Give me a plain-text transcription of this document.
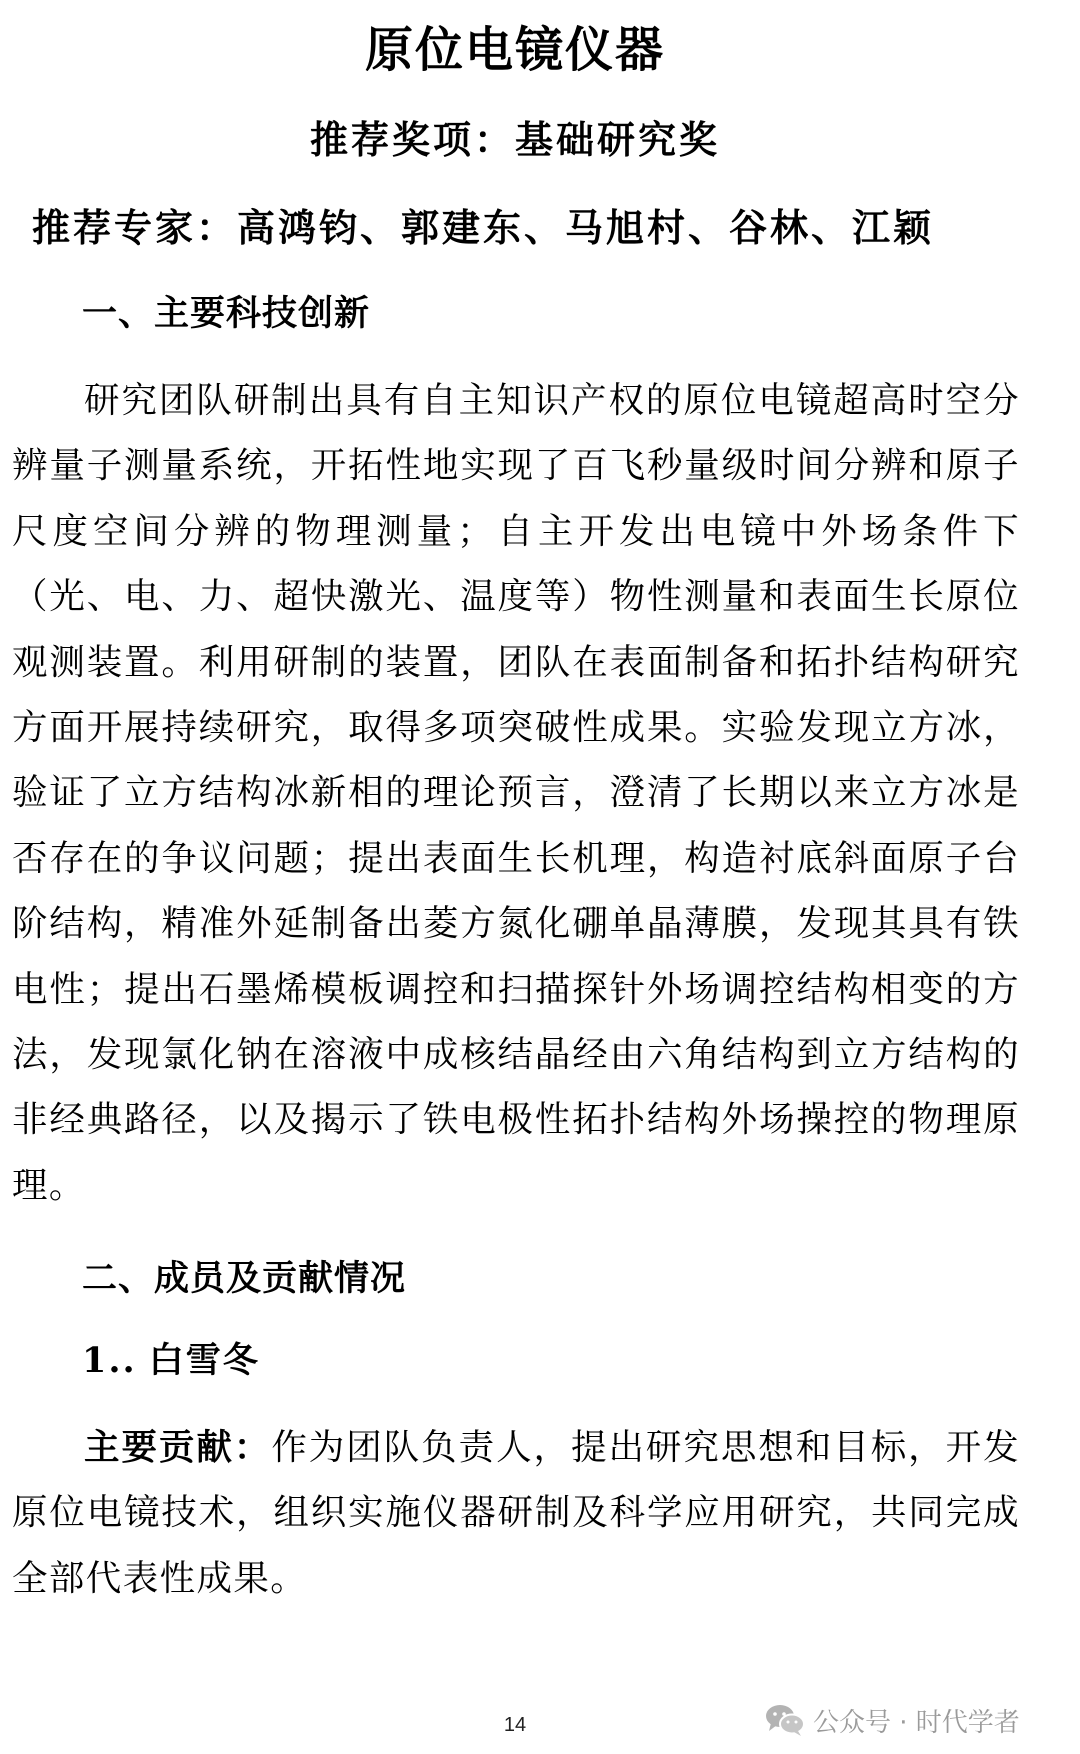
原位电镜仪器
推荐奖项：基础研究奖
推荐专家：高鸿钧、郭建东、马旭村、谷林、江颖
一、主要科技创新
研究团队研制出具有自主知识产权的原位电镜超高时空分辨量子测量系统，开拓性地实现了百飞秒量级时间分辨和原子尺度空间分辨的物理测量；自主开发出电镜中外场条件下（光、电、力、超快激光、温度等）物性测量和表面生长原位观测装置。利用研制的装置，团队在表面制备和拓扑结构研究方面开展持续研究，取得多项突破性成果。实验发现立方冰，验证了立方结构冰新相的理论预言，澄清了长期以来立方冰是否存在的争议问题；提出表面生长机理，构造衬底斜面原子台阶结构，精准外延制备出菱方氮化硼单晶薄膜，发现其具有铁电性；提出石墨烯模板调控和扫描探针外场调控结构相变的方法，发现氯化钠在溶液中成核结晶经由六角结构到立方结构的非经典路径，以及揭示了铁电极性拓扑结构外场操控的物理原理。
二、成员及贡献情况
1.. 白雪冬
主要贡献：作为团队负责人，提出研究思想和目标，开发原位电镜技术，组织实施仪器研制及科学应用研究，共同完成全部代表性成果。
14	公众号 · 时代学者
